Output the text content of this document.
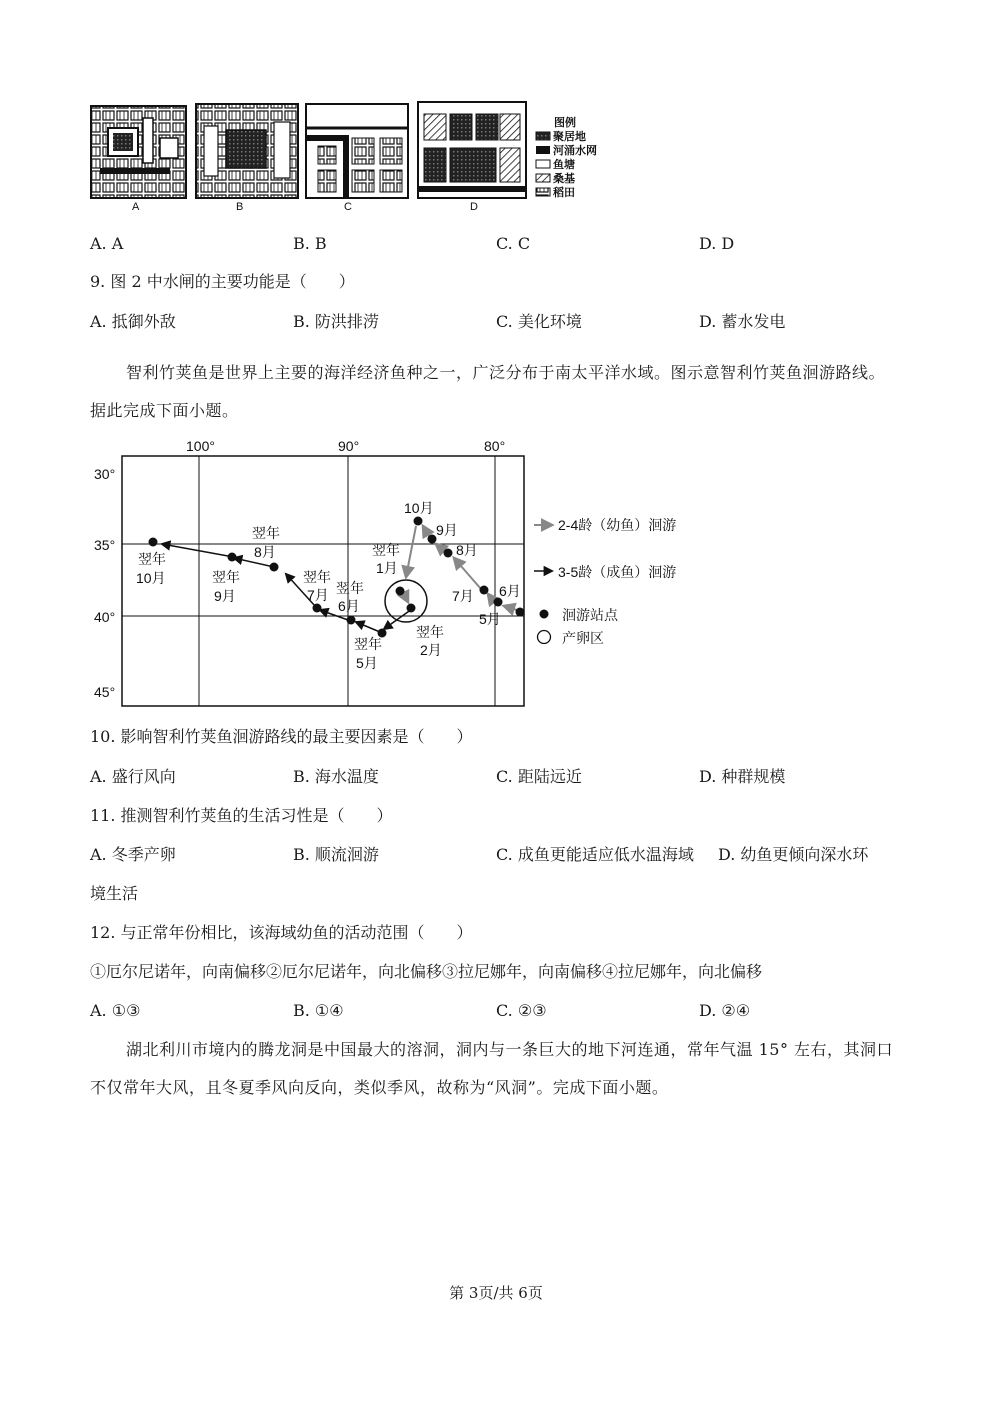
A	B	C	D
图例
聚居地
河涌水网
鱼塘
桑基
稻田
A. A	B. B	C. C	D. D
9. 图 2 中水闸的主要功能是（　　）
A. 抵御外敌	B. 防洪排涝	C. 美化环境	D. 蓄水发电
智利竹荚鱼是世界上主要的海洋经济鱼种之一，广泛分布于南太平洋水域。图示意智利竹荚鱼洄游路线。据此完成下面小题。
100°	90°	80°
30°
35°
40°
45°
翌年
10月	翌年
9月
翌年
8月
翌年
7月 翌年
6月
翌年
5月
翌年
2月
翌年
1月
10月
9月
8月
7月 6月
5月
2-4龄（幼鱼）洄游
3-5龄（成鱼）洄游
洄游站点
产卵区
10. 影响智利竹荚鱼洄游路线的最主要因素是（　　）
A. 盛行风向	B. 海水温度	C. 距陆远近	D. 种群规模
11. 推测智利竹荚鱼的生活习性是（　　）
A. 冬季产卵	B. 顺流洄游	C. 成鱼更能适应低水温海域 D. 幼鱼更倾向深水环
境生活
12. 与正常年份相比，该海域幼鱼的活动范围（　　）
①厄尔尼诺年，向南偏移②厄尔尼诺年，向北偏移③拉尼娜年，向南偏移④拉尼娜年，向北偏移
A. ①③	B. ①④	C. ②③	D. ②④
湖北利川市境内的腾龙洞是中国最大的溶洞，洞内与一条巨大的地下河连通，常年气温 15° 左右，其洞口不仅常年大风，且冬夏季风向反向，类似季风，故称为“风洞”。完成下面小题。
第 3页/共 6页
